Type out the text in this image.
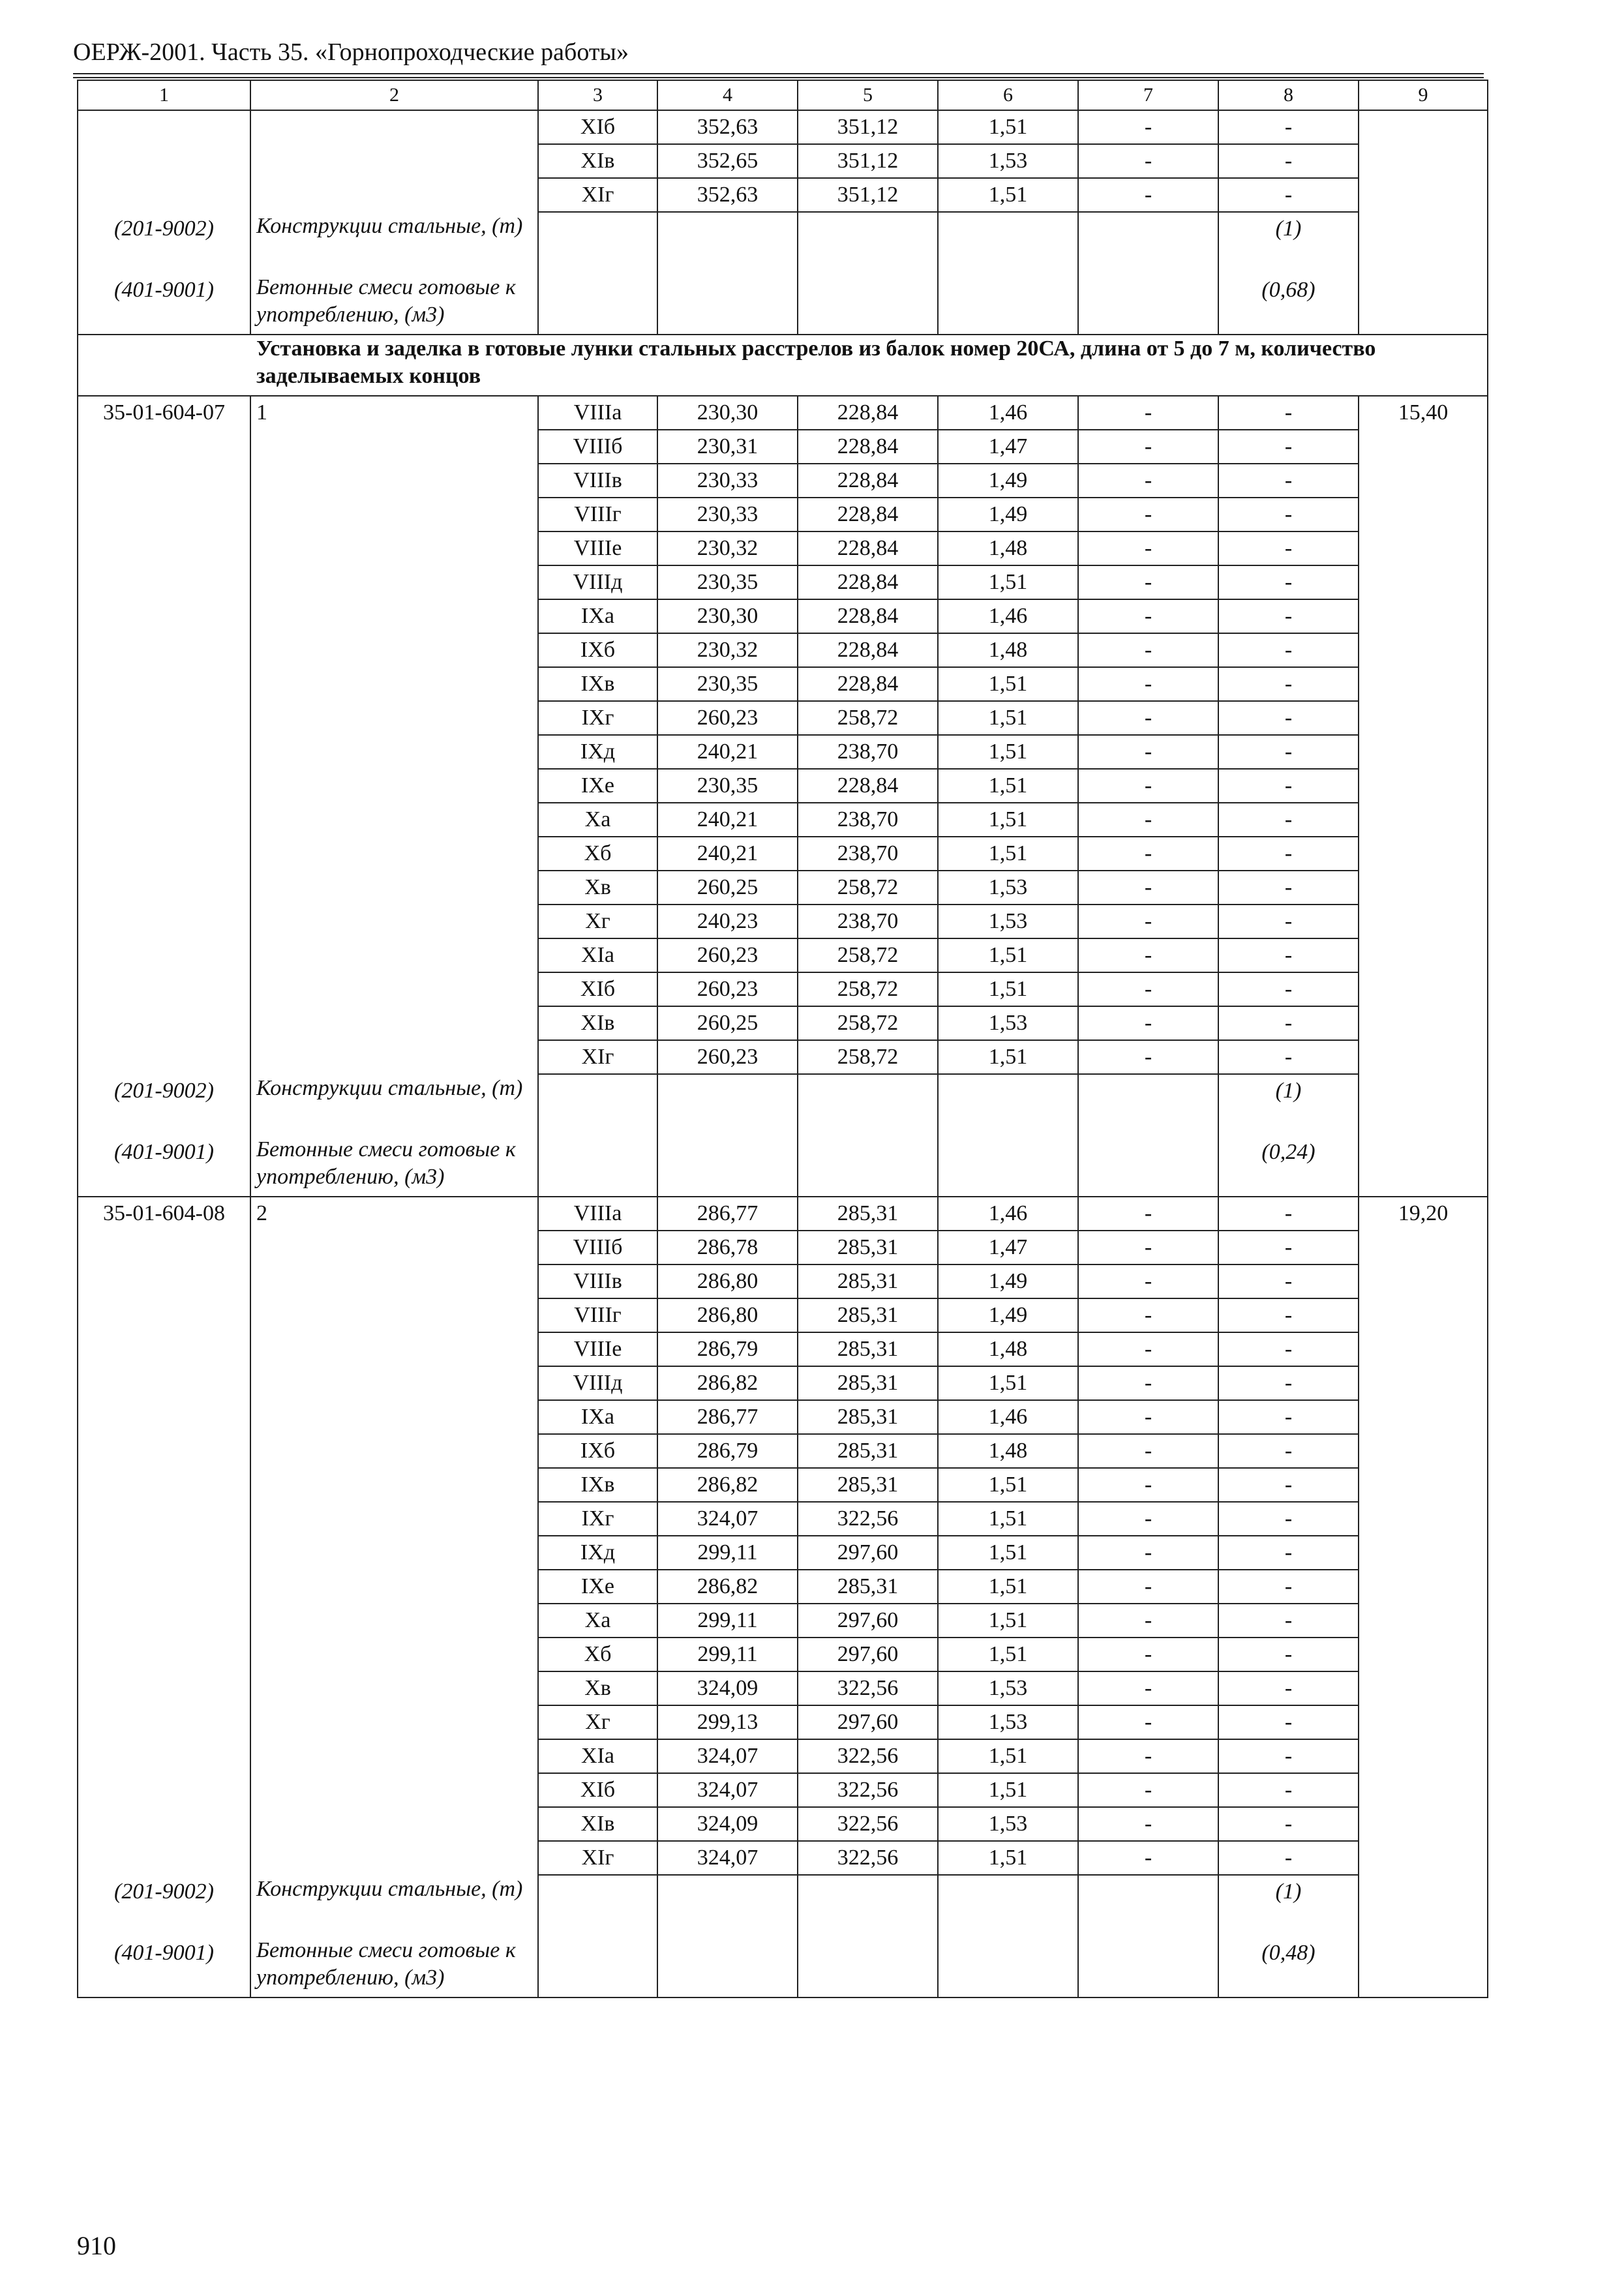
ОЕРЖ-2001. Часть 35. «Горнопроходческие работы»
1	2	3	4	5	6	7	8	9
		XIб	352,63	351,12	1,51	-	-	
		XIв	352,65	351,12	1,53	-	-	
		XIг	352,63	351,12	1,51	-	-	
(201-9002)	Конструкции стальные, (т)						(1)	
(401-9001)	Бетонные смеси готовые к употреблению, (м3)						(0,68)	
	Установка и заделка в готовые лунки стальных расстрелов из балок номер 20СА, длина от 5 до 7 м, количество заделываемых концов							
35-01-604-07	1	VIIIа	230,30	228,84	1,46	-	-	15,40
		VIIIб	230,31	228,84	1,47	-	-	
		VIIIв	230,33	228,84	1,49	-	-	
		VIIIг	230,33	228,84	1,49	-	-	
		VIIIе	230,32	228,84	1,48	-	-	
		VIIIд	230,35	228,84	1,51	-	-	
		IXа	230,30	228,84	1,46	-	-	
		IXб	230,32	228,84	1,48	-	-	
		IXв	230,35	228,84	1,51	-	-	
		IXг	260,23	258,72	1,51	-	-	
		IXд	240,21	238,70	1,51	-	-	
		IXе	230,35	228,84	1,51	-	-	
		Xа	240,21	238,70	1,51	-	-	
		Xб	240,21	238,70	1,51	-	-	
		Xв	260,25	258,72	1,53	-	-	
		Xг	240,23	238,70	1,53	-	-	
		XIа	260,23	258,72	1,51	-	-	
		XIб	260,23	258,72	1,51	-	-	
		XIв	260,25	258,72	1,53	-	-	
		XIг	260,23	258,72	1,51	-	-	
(201-9002)	Конструкции стальные, (т)						(1)	
(401-9001)	Бетонные смеси готовые к употреблению, (м3)						(0,24)	
35-01-604-08	2	VIIIа	286,77	285,31	1,46	-	-	19,20
		VIIIб	286,78	285,31	1,47	-	-	
		VIIIв	286,80	285,31	1,49	-	-	
		VIIIг	286,80	285,31	1,49	-	-	
		VIIIе	286,79	285,31	1,48	-	-	
		VIIIд	286,82	285,31	1,51	-	-	
		IXа	286,77	285,31	1,46	-	-	
		IXб	286,79	285,31	1,48	-	-	
		IXв	286,82	285,31	1,51	-	-	
		IXг	324,07	322,56	1,51	-	-	
		IXд	299,11	297,60	1,51	-	-	
		IXе	286,82	285,31	1,51	-	-	
		Xа	299,11	297,60	1,51	-	-	
		Xб	299,11	297,60	1,51	-	-	
		Xв	324,09	322,56	1,53	-	-	
		Xг	299,13	297,60	1,53	-	-	
		XIа	324,07	322,56	1,51	-	-	
		XIб	324,07	322,56	1,51	-	-	
		XIв	324,09	322,56	1,53	-	-	
		XIг	324,07	322,56	1,51	-	-	
(201-9002)	Конструкции стальные, (т)						(1)	
(401-9001)	Бетонные смеси готовые к употреблению, (м3)						(0,48)	
910
